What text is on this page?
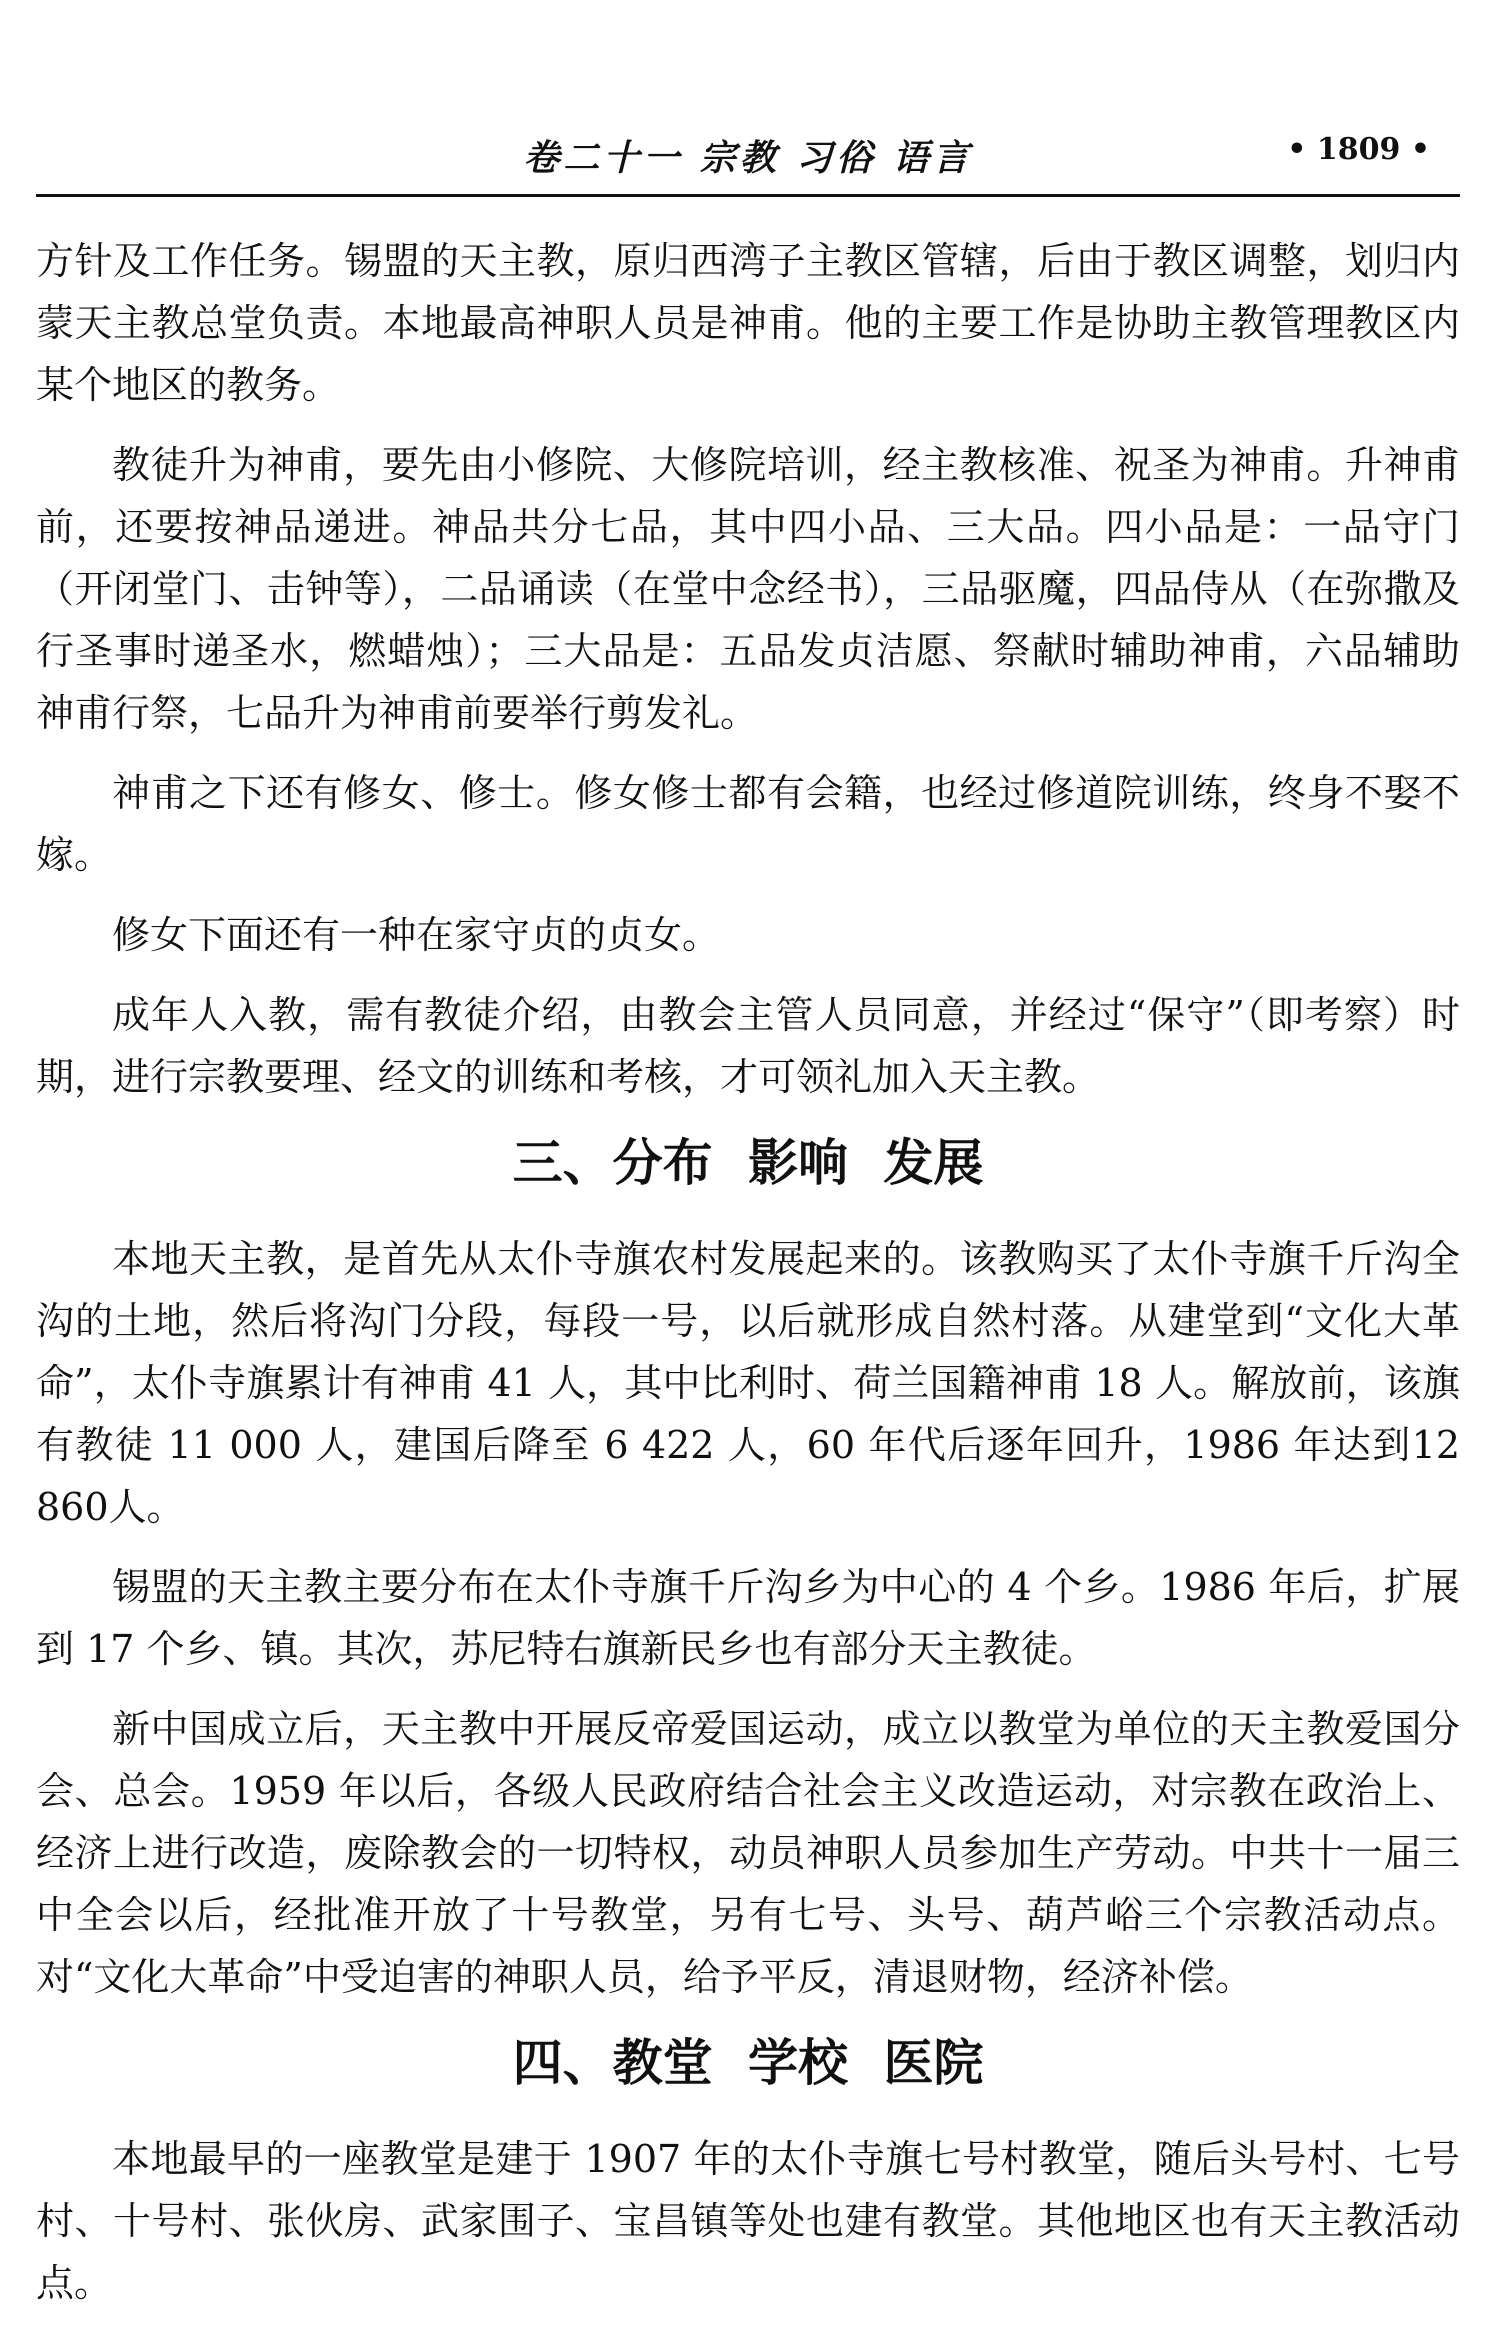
卷二十一 宗教 习俗 语言	• 1809 •

方针及工作任务。锡盟的天主教，原归西湾子主教区管辖，后由于教区调整，划归内蒙天主教总堂负责。本地最高神职人员是神甫。他的主要工作是协助主教管理教区内某个地区的教务。

教徒升为神甫，要先由小修院、大修院培训，经主教核准、祝圣为神甫。升神甫前，还要按神品递进。神品共分七品，其中四小品、三大品。四小品是：一品守门（开闭堂门、击钟等），二品诵读（在堂中念经书），三品驱魔，四品侍从（在弥撒及行圣事时递圣水，燃蜡烛）；三大品是：五品发贞洁愿、祭献时辅助神甫，六品辅助神甫行祭，七品升为神甫前要举行剪发礼。

神甫之下还有修女、修士。修女修士都有会籍，也经过修道院训练，终身不娶不嫁。

修女下面还有一种在家守贞的贞女。

成年人入教，需有教徒介绍，由教会主管人员同意，并经过“保守”（即考察）时期，进行宗教要理、经文的训练和考核，才可领礼加入天主教。

三、分布 影响 发展

本地天主教，是首先从太仆寺旗农村发展起来的。该教购买了太仆寺旗千斤沟全沟的土地，然后将沟门分段，每段一号，以后就形成自然村落。从建堂到“文化大革命”，太仆寺旗累计有神甫 41 人，其中比利时、荷兰国籍神甫 18 人。解放前，该旗有教徒 11 000 人，建国后降至 6 422 人，60 年代后逐年回升，1986 年达到12 860人。

锡盟的天主教主要分布在太仆寺旗千斤沟乡为中心的 4 个乡。1986 年后，扩展到 17 个乡、镇。其次，苏尼特右旗新民乡也有部分天主教徒。

新中国成立后，天主教中开展反帝爱国运动，成立以教堂为单位的天主教爱国分会、总会。1959 年以后，各级人民政府结合社会主义改造运动，对宗教在政治上、经济上进行改造，废除教会的一切特权，动员神职人员参加生产劳动。中共十一届三中全会以后，经批准开放了十号教堂，另有七号、头号、葫芦峪三个宗教活动点。对“文化大革命”中受迫害的神职人员，给予平反，清退财物，经济补偿。

四、教堂 学校 医院

本地最早的一座教堂是建于 1907 年的太仆寺旗七号村教堂，随后头号村、七号村、十号村、张伙房、武家围子、宝昌镇等处也建有教堂。其他地区也有天主教活动点。
